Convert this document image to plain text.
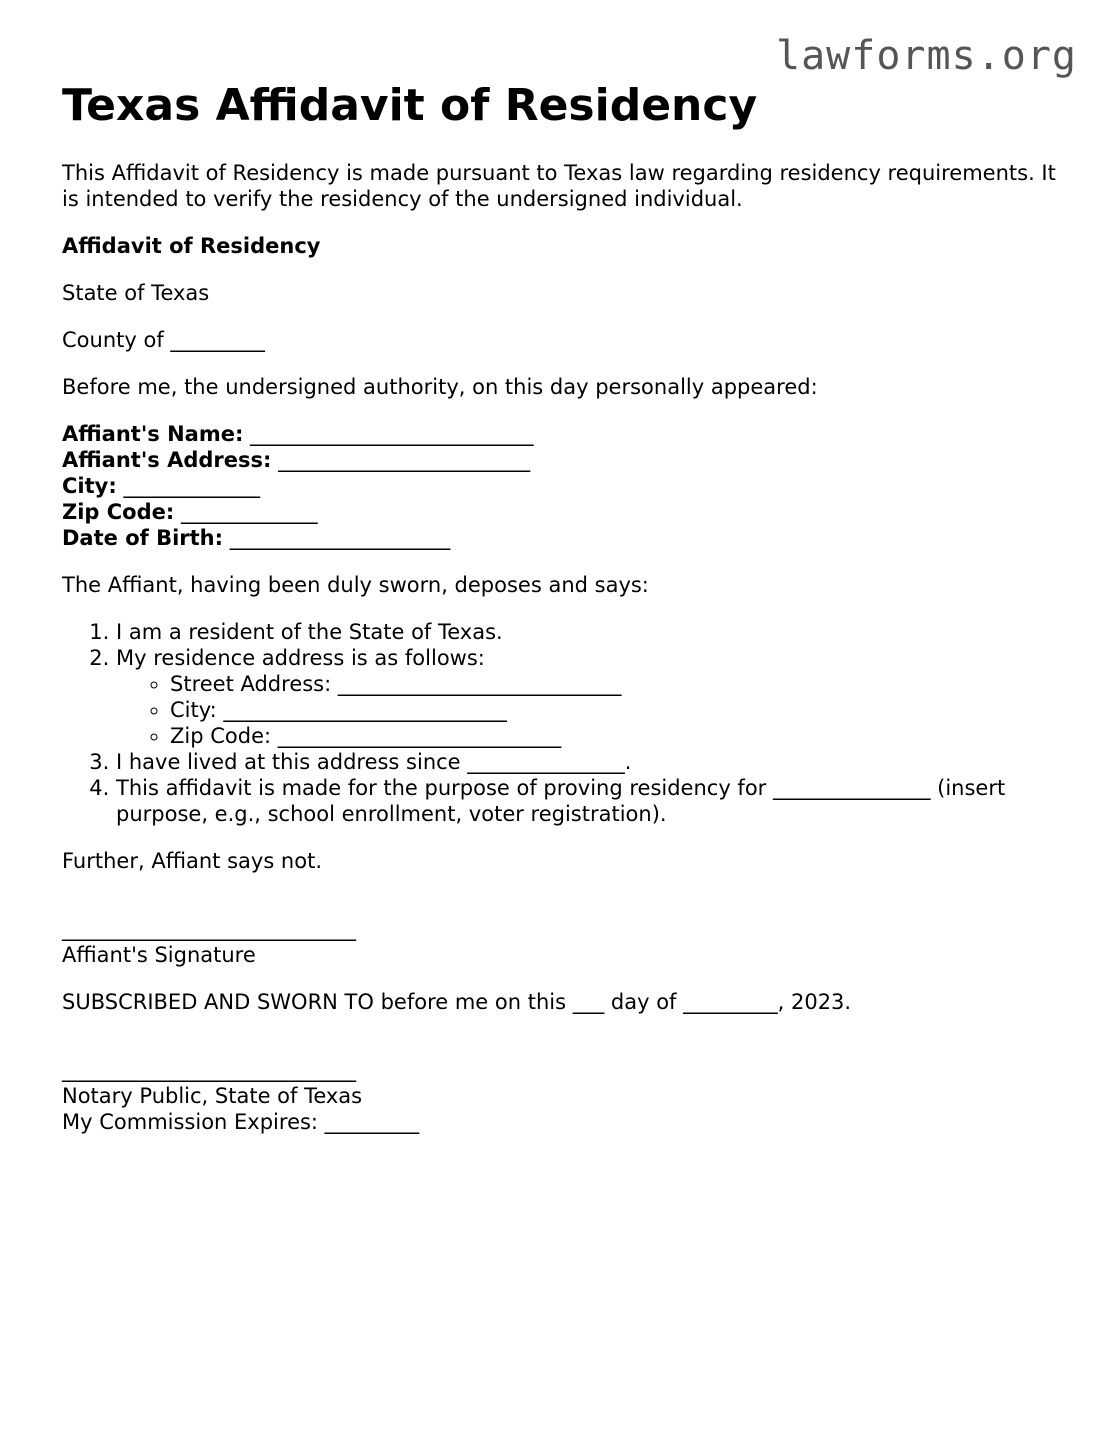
lawforms.org
Texas Affidavit of Residency

This Affidavit of Residency is made pursuant to Texas law regarding residency requirements. It is intended to verify the residency of the undersigned individual.

Affidavit of Residency

State of Texas

County of _________

Before me, the undersigned authority, on this day personally appeared:

Affiant's Name: ___________________________

Affiant's Address: ________________________

City: _____________

Zip Code: _____________

Date of Birth: _____________________

The Affiant, having been duly sworn, deposes and says:

1. I am a resident of the State of Texas.
2. My residence address is as follows:
◦ Street Address: ___________________________
◦ City: ___________________________
◦ Zip Code: ___________________________
3. I have lived at this address since _______________.
4. This affidavit is made for the purpose of proving residency for _______________ (insert purpose, e.g., school enrollment, voter registration).

Further, Affiant says not.

____________________________

Affiant's Signature

SUBSCRIBED AND SWORN TO before me on this ___ day of _________, 2023.

____________________________

Notary Public, State of Texas

My Commission Expires: _________
